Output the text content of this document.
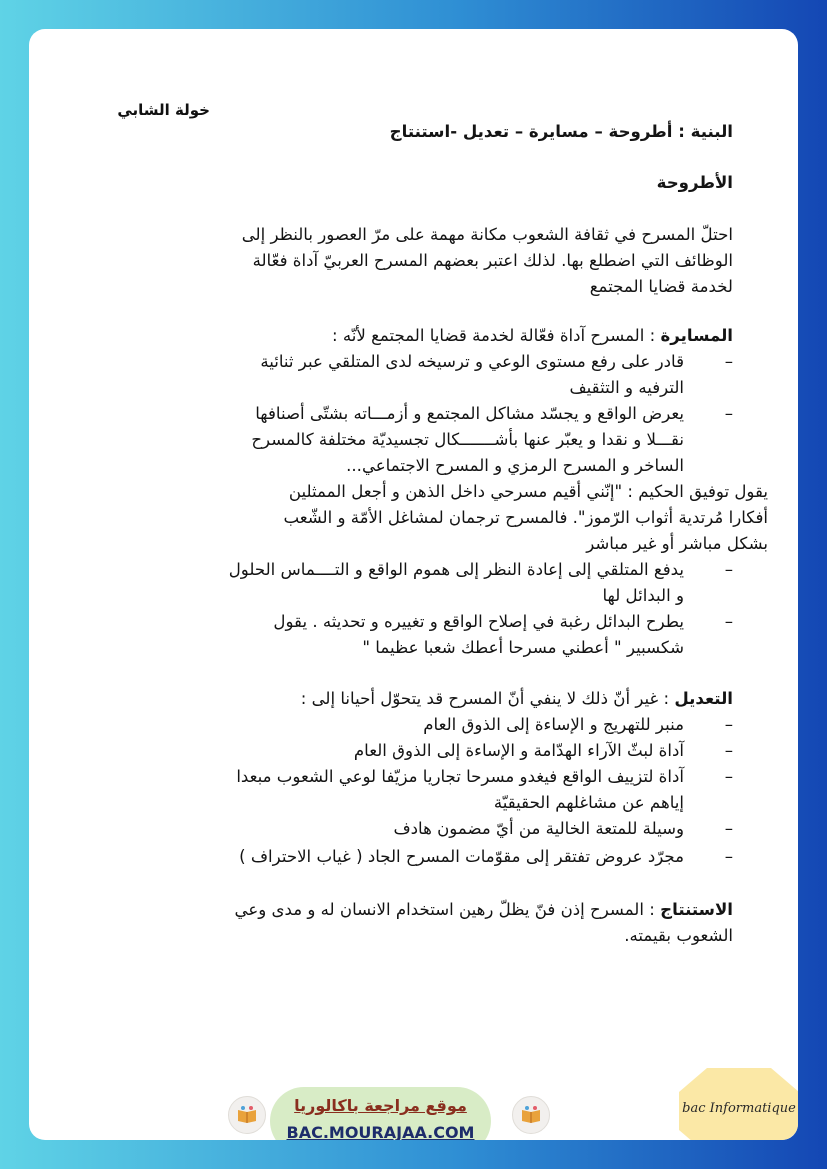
خولة الشابي
البنية : أطروحة – مسايرة – تعديل -استنتاج
الأطروحة
احتلّ المسرح في ثقافة الشعوب مكانة مهمة على مرّ العصور بالنظر إلى
الوظائف التي اضطلع بها. لذلك اعتبر بعضهم المسرح العربيّ آداة فعّالة
لخدمة قضايا المجتمع
المسايرة : المسرح آداة فعّالة لخدمة قضايا المجتمع لأنّه :
–
قادر على رفع مستوى الوعي و ترسيخه لدى المتلقي عبر ثنائية
الترفيه و التثقيف
–
يعرض الواقع و يجسّد مشاكل المجتمع و أزمـــاته بشتّى أصنافها
نقـــلا و نقدا و يعبّر عنها بأشـــــــكال تجسيديّة مختلفة كالمسرح
الساخر و المسرح الرمزي و المسرح الاجتماعي...
يقول توفيق الحكيم : "إنّني أقيم مسرحي داخل الذهن و أجعل الممثلين
أفكارا مُرتدية أثواب الرّموز". فالمسرح ترجمان لمشاغل الأمّة و الشّعب
بشكل مباشر أو غير مباشر
–
يدفع المتلقي إلى إعادة النظر إلى هموم الواقع و التــــماس الحلول
و البدائل لها
–
يطرح البدائل رغبة في إصلاح الواقع و تغييره و تحديثه . يقول
شكسبير " أعطني مسرحا أعطك شعبا عظيما "
التعديل : غير أنّ ذلك لا ينفي أنّ المسرح قد يتحوّل أحيانا إلى :
–
منبر للتهريج و الإساءة إلى الذوق العام
–
آداة لبثّ الآراء الهدّامة و الإساءة إلى الذوق العام
–
آداة لتزييف الواقع فيغدو مسرحا تجاريا مزيّفا لوعي الشعوب مبعدا
إياهم عن مشاغلهم الحقيقيّة
–
وسيلة للمتعة الخالية من أيّ مضمون هادف
–
مجرّد عروض تفتقر إلى مقوّمات المسرح الجاد ( غياب الاحتراف )
الاستنتاج : المسرح إذن فنّ يظلّ رهين استخدام الانسان له و مدى وعي
الشعوب بقيمته.
موقع مراجعة باكالوريا
BAC.MOURAJAA.COM
bac Informatique
